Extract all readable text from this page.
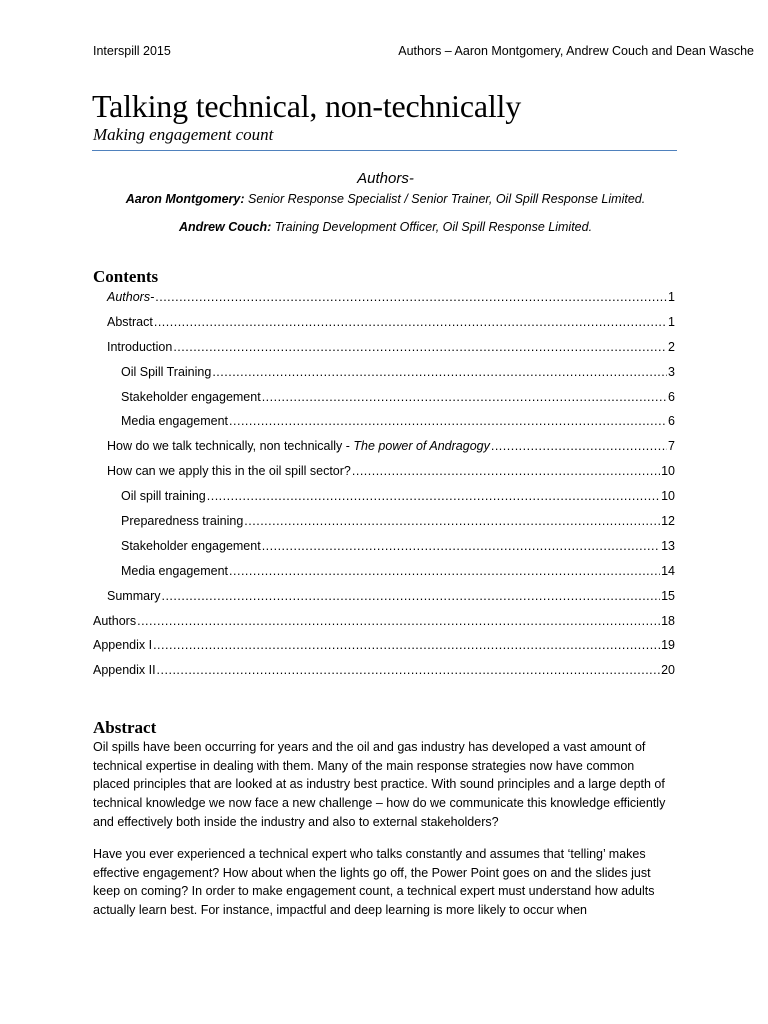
Interspill 2015	Authors – Aaron Montgomery, Andrew Couch and Dean Wasche
Talking technical, non-technically
Making engagement count
Authors-
Aaron Montgomery: Senior Response Specialist / Senior Trainer, Oil Spill Response Limited.
Andrew Couch: Training Development Officer, Oil Spill Response Limited.
Contents
Authors- .....	1
Abstract .....	1
Introduction .....	2
Oil Spill Training .....	3
Stakeholder engagement .....	6
Media engagement .....	6
How do we talk technically, non technically - The power of Andragogy .....	7
How can we apply this in the oil spill sector? .....	10
Oil spill training .....	10
Preparedness training .....	12
Stakeholder engagement .....	13
Media engagement .....	14
Summary .....	15
Authors .....	18
Appendix I .....	19
Appendix II .....	20
Abstract

Oil spills have been occurring for years and the oil and gas industry has developed a vast amount of technical expertise in dealing with them. Many of the main response strategies now have common placed principles that are looked at as industry best practice. With sound principles and a large depth of technical knowledge we now face a new challenge – how do we communicate this knowledge efficiently and effectively both inside the industry and also to external stakeholders?

Have you ever experienced a technical expert who talks constantly and assumes that ‘telling’ makes effective engagement? How about when the lights go off, the Power Point goes on and the slides just keep on coming? In order to make engagement count, a technical expert must understand how adults actually learn best. For instance, impactful and deep learning is more likely to occur when
